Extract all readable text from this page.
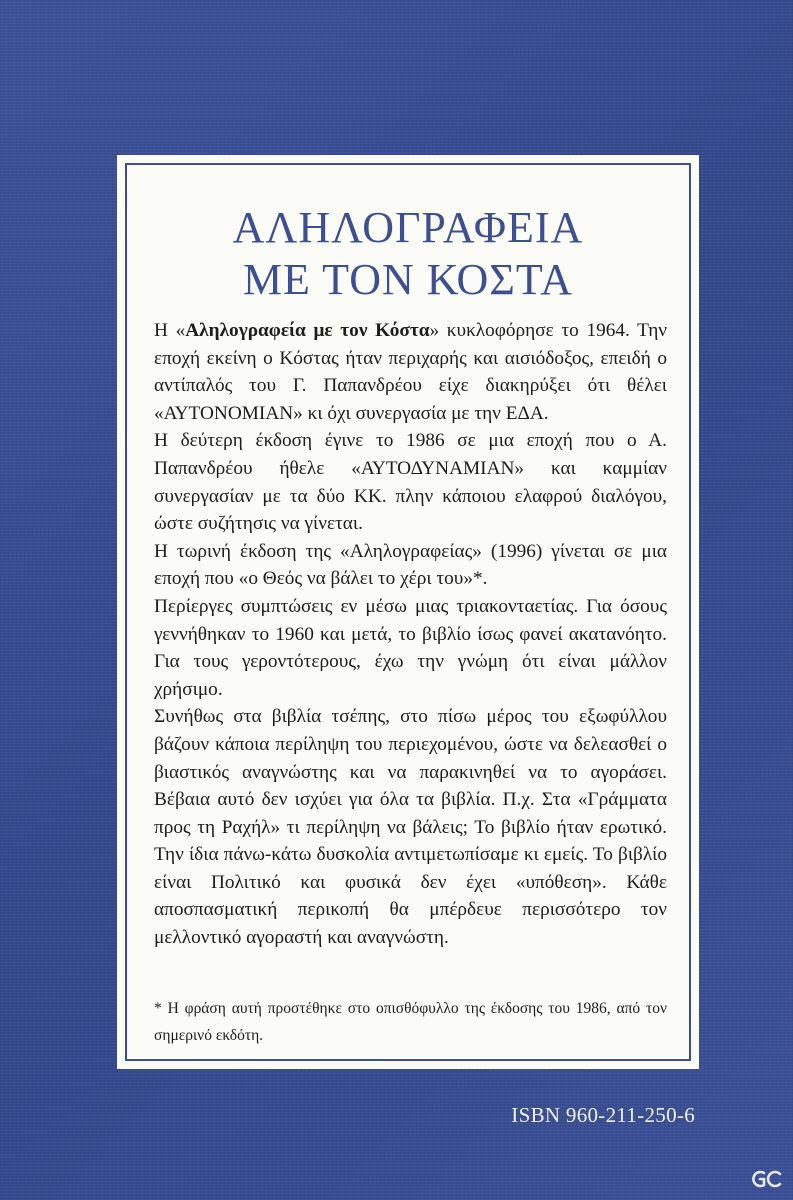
ΑΛΗΛΟΓΡΑΦΕΙΑ
ΜΕ ΤΟΝ ΚΟΣΤΑ

Η «Αληλογραφεία με τον Κόστα» κυκλοφόρησε το 1964. Την εποχή εκείνη ο Κόστας ήταν περιχαρής και αισιόδοξος, επειδή ο αντίπαλός του Γ. Παπανδρέου είχε διακηρύξει ότι θέλει «ΑΥΤΟΝΟΜΙΑΝ» κι όχι συνεργασία με την ΕΔΑ.

Η δεύτερη έκδοση έγινε το 1986 σε μια εποχή που ο Α. Παπανδρέου ήθελε «ΑΥΤΟΔΥΝΑΜΙΑΝ» και καμμίαν συνεργασίαν με τα δύο ΚΚ. πλην κάποιου ελαφρού διαλόγου, ώστε συζήτησις να γίνεται.

Η τωρινή έκδοση της «Αληλογραφείας» (1996) γίνεται σε μια εποχή που «ο Θεός να βάλει το χέρι του»*.

Περίεργες συμπτώσεις εν μέσω μιας τριακονταετίας. Για όσους γεννήθηκαν το 1960 και μετά, το βιβλίο ίσως φανεί ακατανόητο. Για τους γεροντότερους, έχω την γνώμη ότι είναι μάλλον χρήσιμο.

Συνήθως στα βιβλία τσέπης, στο πίσω μέρος του εξωφύλλου βάζουν κάποια περίληψη του περιεχομένου, ώστε να δελεασθεί ο βιαστικός αναγνώστης και να παρακινηθεί να το αγοράσει. Βέβαια αυτό δεν ισχύει για όλα τα βιβλία. Π.χ. Στα «Γράμματα προς τη Ραχήλ» τι περίληψη να βάλεις; Το βιβλίο ήταν ερωτικό. Την ίδια πάνω-κάτω δυσκολία αντιμετωπίσαμε κι εμείς. Το βιβλίο είναι Πολιτικό και φυσικά δεν έχει «υπόθεση». Κάθε αποσπασματική περικοπή θα μπέρδευε περισσότερο τον μελλοντικό αγοραστή και αναγνώστη.

* Η φράση αυτή προστέθηκε στο οπισθόφυλλο της έκδοσης του 1986, από τον σημερινό εκδότη.

ISBN 960-211-250-6
